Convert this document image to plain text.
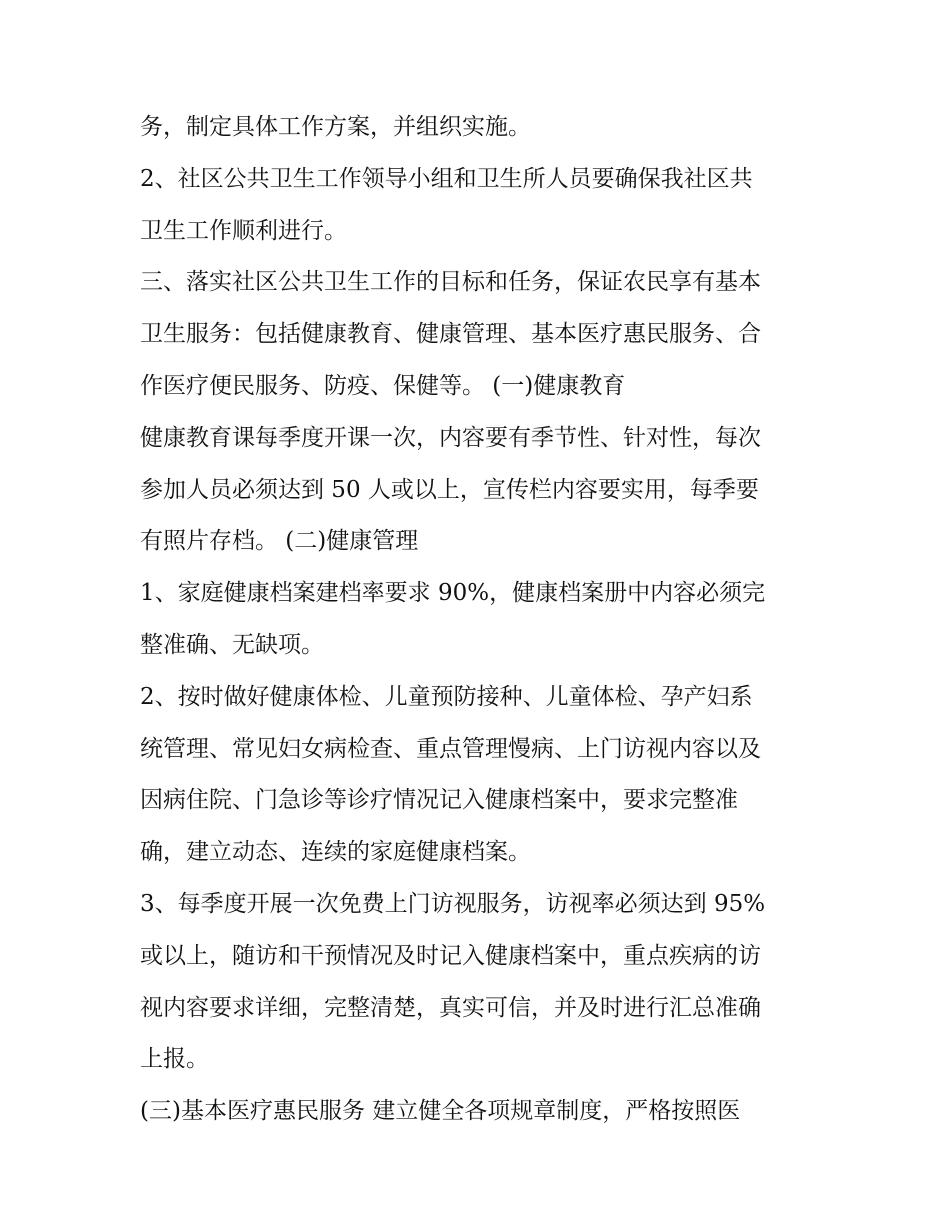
务，制定具体工作方案，并组织实施。
2、社区公共卫生工作领导小组和卫生所人员要确保我社区共
卫生工作顺利进行。
三、落实社区公共卫生工作的目标和任务，保证农民享有基本
卫生服务：包括健康教育、健康管理、基本医疗惠民服务、合
作医疗便民服务、防疫、保健等。 (一)健康教育
健康教育课每季度开课一次，内容要有季节性、针对性，每次
参加人员必须达到 50 人或以上，宣传栏内容要实用，每季要
有照片存档。 (二)健康管理
1、家庭健康档案建档率要求 90%，健康档案册中内容必须完
整准确、无缺项。
2、按时做好健康体检、儿童预防接种、儿童体检、孕产妇系
统管理、常见妇女病检查、重点管理慢病、上门访视内容以及
因病住院、门急诊等诊疗情况记入健康档案中，要求完整准
确，建立动态、连续的家庭健康档案。
3、每季度开展一次免费上门访视服务，访视率必须达到 95%
或以上，随访和干预情况及时记入健康档案中，重点疾病的访
视内容要求详细，完整清楚，真实可信，并及时进行汇总准确
上报。
(三)基本医疗惠民服务 建立健全各项规章制度，严格按照医
